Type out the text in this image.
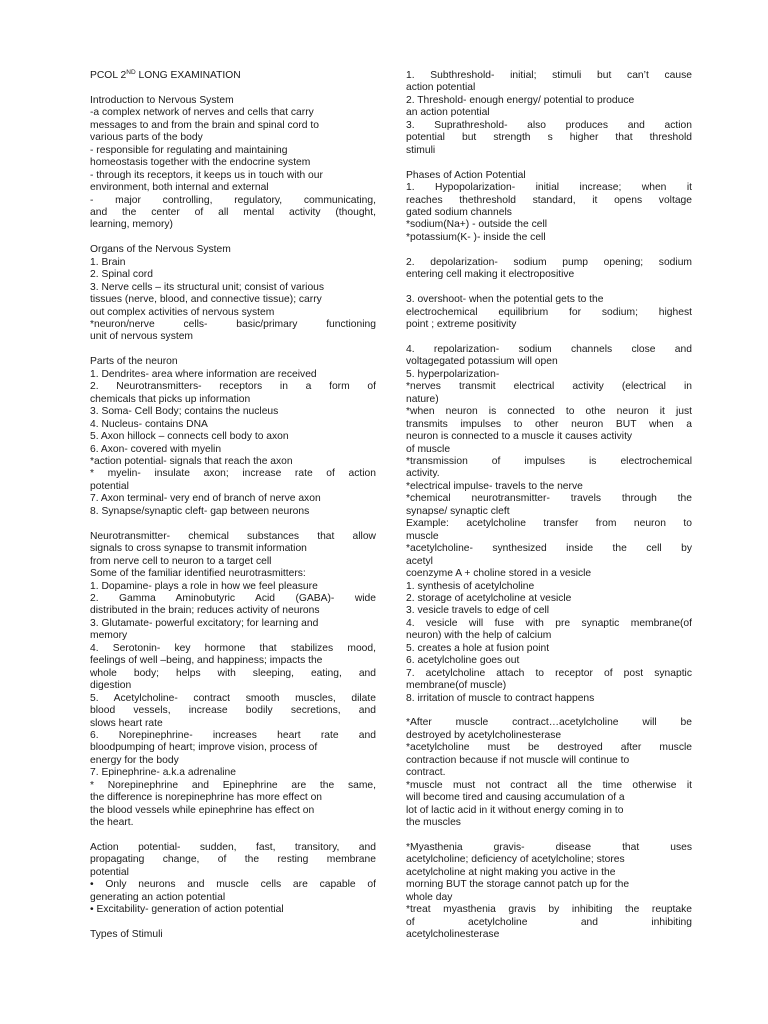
PCOL 2ND LONG EXAMINATION
Introduction to Nervous System
-a complex network of nerves and cells that carry
messages to and from the brain and spinal cord to
various parts of the body
- responsible for regulating and maintaining
homeostasis together with the endocrine system
- through its receptors, it keeps us in touch with our
environment, both internal and external
- major controlling, regulatory, communicating,
and the center of all mental activity (thought,
learning, memory)
Organs of the Nervous System
1. Brain
2. Spinal cord
3. Nerve cells – its structural unit; consist of various
tissues (nerve, blood, and connective tissue); carry
out complex activities of nervous system
*neuron/nerve cells- basic/primary functioning
unit of nervous system
Parts of the neuron
1. Dendrites- area where information are received
2. Neurotransmitters- receptors in a form of
chemicals that picks up information
3. Soma- Cell Body; contains the nucleus
4. Nucleus- contains DNA
5. Axon hillock – connects cell body to axon
6. Axon- covered with myelin
*action potential- signals that reach the axon
* myelin- insulate axon; increase rate of action
potential
7. Axon terminal- very end of branch of nerve axon
8. Synapse/synaptic cleft- gap between neurons
Neurotransmitter- chemical substances that allow
signals to cross synapse to transmit information
from nerve cell to neuron to a target cell
Some of the familiar identified neurotrasmitters:
1. Dopamine- plays a role in how we feel pleasure
2. Gamma Aminobutyric Acid (GABA)- wide
distributed in the brain; reduces activity of neurons
3. Glutamate- powerful excitatory; for learning and
memory
4. Serotonin- key hormone that stabilizes mood,
feelings of well –being, and happiness; impacts the
whole body; helps with sleeping, eating, and
digestion
5. Acetylcholine- contract smooth muscles, dilate
blood vessels, increase bodily secretions, and
slows heart rate
6. Norepinephrine- increases heart rate and
bloodpumping of heart; improve vision, process of
energy for the body
7. Epinephrine- a.k.a adrenaline
* Norepinephrine and Epinephrine are the same,
the difference is norepinephrine has more effect on
the blood vessels while epinephrine has effect on
the heart.
Action potential- sudden, fast, transitory, and
propagating change, of the resting membrane
potential
• Only neurons and muscle cells are capable of
generating an action potential
• Excitability- generation of action potential
Types of Stimuli
1. Subthreshold- initial; stimuli but can’t cause
action potential
2. Threshold- enough energy/ potential to produce
an action potential
3. Suprathreshold- also produces and action
potential but strength s higher that threshold
stimuli
Phases of Action Potential
1. Hypopolarization- initial increase; when it
reaches thethreshold standard, it opens voltage
gated sodium channels
*sodium(Na+) - outside the cell
*potassium(K- )- inside the cell
2. depolarization- sodium pump opening; sodium
entering cell making it electropositive
3. overshoot- when the potential gets to the
electrochemical equilibrium for sodium; highest
point ; extreme positivity
4. repolarization- sodium channels close and
voltagegated potassium will open
5. hyperpolarization-
*nerves transmit electrical activity (electrical in
nature)
*when neuron is connected to othe neuron it just
transmits impulses to other neuron BUT when a
neuron is connected to a muscle it causes activity
of muscle
*transmission of impulses is electrochemical
activity.
*electrical impulse- travels to the nerve
*chemical neurotransmitter- travels through the
synapse/ synaptic cleft
Example: acetylcholine transfer from neuron to
muscle
*acetylcholine- synthesized inside the cell by
acetyl
coenzyme A + choline stored in a vesicle
1. synthesis of acetylcholine
2. storage of acetylcholine at vesicle
3. vesicle travels to edge of cell
4. vesicle will fuse with pre synaptic membrane(of
neuron) with the help of calcium
5. creates a hole at fusion point
6. acetylcholine goes out
7. acetylcholine attach to receptor of post synaptic
membrane(of muscle)
8. irritation of muscle to contract happens
*After muscle contract…acetylcholine will be
destroyed by acetylcholinesterase
*acetylcholine must be destroyed after muscle
contraction because if not muscle will continue to
contract.
*muscle must not contract all the time otherwise it
will become tired and causing accumulation of a
lot of lactic acid in it without energy coming in to
the muscles
*Myasthenia gravis- disease that uses
acetylcholine; deficiency of acetylcholine; stores
acetylcholine at night making you active in the
morning BUT the storage cannot patch up for the
whole day
*treat myasthenia gravis by inhibiting the reuptake
of acetylcholine and inhibiting
acetylcholinesterase
